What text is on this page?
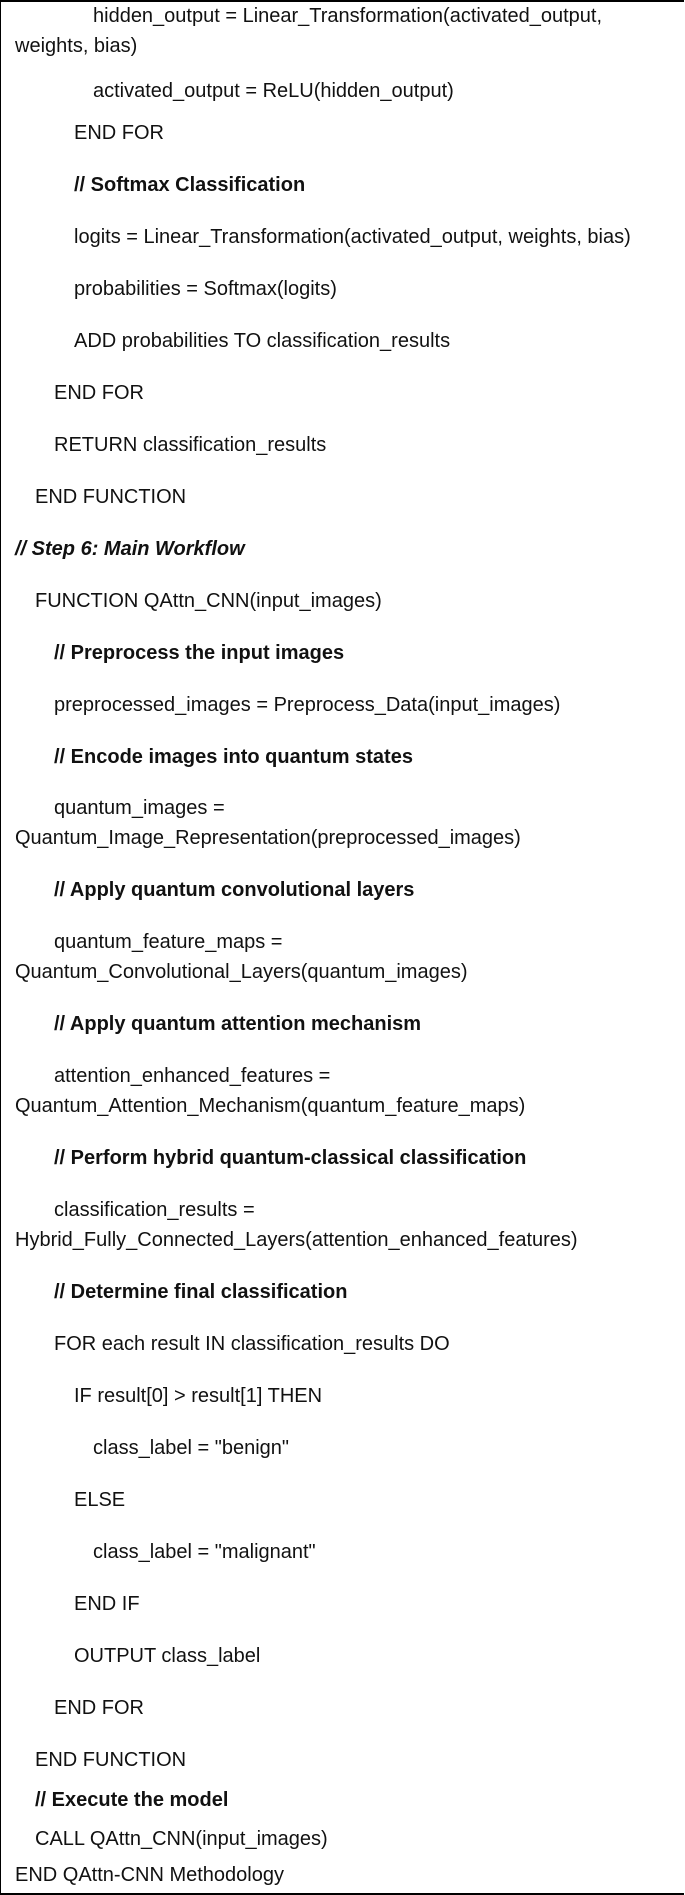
hidden_output = Linear_Transformation(activated_output,
weights, bias)
activated_output = ReLU(hidden_output)
END FOR
// Softmax Classification
logits = Linear_Transformation(activated_output, weights, bias)
probabilities = Softmax(logits)
ADD probabilities TO classification_results
END FOR
RETURN classification_results
END FUNCTION
// Step 6: Main Workflow
FUNCTION QAttn_CNN(input_images)
// Preprocess the input images
preprocessed_images = Preprocess_Data(input_images)
// Encode images into quantum states
quantum_images =
Quantum_Image_Representation(preprocessed_images)
// Apply quantum convolutional layers
quantum_feature_maps =
Quantum_Convolutional_Layers(quantum_images)
// Apply quantum attention mechanism
attention_enhanced_features =
Quantum_Attention_Mechanism(quantum_feature_maps)
// Perform hybrid quantum-classical classification
classification_results =
Hybrid_Fully_Connected_Layers(attention_enhanced_features)
// Determine final classification
FOR each result IN classification_results DO
IF result[0] > result[1] THEN
class_label = "benign"
ELSE
class_label = "malignant"
END IF
OUTPUT class_label
END FOR
END FUNCTION
// Execute the model
CALL QAttn_CNN(input_images)
END QAttn-CNN Methodology
